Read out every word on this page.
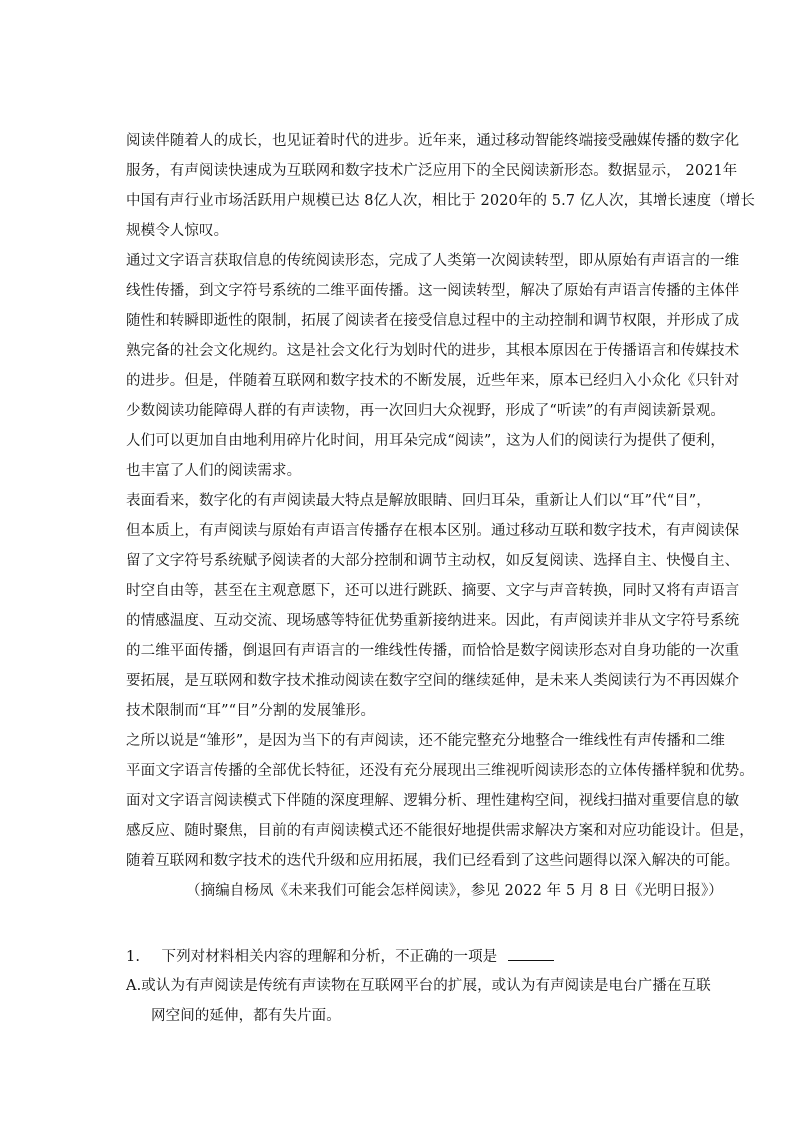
阅读伴随着人的成长，也见证着时代的进步。近年来，通过移动智能终端接受融媒传播的数字化
服务，有声阅读快速成为互联网和数字技术广泛应用下的全民阅读新形态。数据显示， 2021年
中国有声行业市场活跃用户规模已达 8亿人次，相比于 2020年的 5.7 亿人次，其增长速度（增长
规模令人惊叹。
通过文字语言获取信息的传统阅读形态，完成了人类第一次阅读转型，即从原始有声语言的一维
线性传播，到文字符号系统的二维平面传播。这一阅读转型，解决了原始有声语言传播的主体伴
随性和转瞬即逝性的限制，拓展了阅读者在接受信息过程中的主动控制和调节权限，并形成了成
熟完备的社会文化规约。这是社会文化行为划时代的进步，其根本原因在于传播语言和传媒技术
的进步。但是，伴随着互联网和数字技术的不断发展，近些年来，原本已经归入小众化《只针对
少数阅读功能障碍人群的有声读物，再一次回归大众视野，形成了“听读”的有声阅读新景观。
人们可以更加自由地利用碎片化时间，用耳朵完成“阅读”，这为人们的阅读行为提供了便利，
也丰富了人们的阅读需求。
表面看来，数字化的有声阅读最大特点是解放眼睛、回归耳朵，重新让人们以“耳”代“目”，
但本质上，有声阅读与原始有声语言传播存在根本区别。通过移动互联和数字技术，有声阅读保
留了文字符号系统赋予阅读者的大部分控制和调节主动权，如反复阅读、选择自主、快慢自主、
时空自由等，甚至在主观意愿下，还可以进行跳跃、摘要、文字与声音转换，同时又将有声语言
的情感温度、互动交流、现场感等特征优势重新接纳进来。因此，有声阅读并非从文字符号系统
的二维平面传播，倒退回有声语言的一维线性传播，而恰恰是数字阅读形态对自身功能的一次重
要拓展，是互联网和数字技术推动阅读在数字空间的继续延伸，是未来人类阅读行为不再因媒介
技术限制而“耳”“目”分割的发展雏形。
之所以说是“雏形”，是因为当下的有声阅读，还不能完整充分地整合一维线性有声传播和二维
平面文字语言传播的全部优长特征，还没有充分展现出三维视听阅读形态的立体传播样貌和优势。
面对文字语言阅读模式下伴随的深度理解、逻辑分析、理性建构空间，视线扫描对重要信息的敏
感反应、随时聚焦，目前的有声阅读模式还不能很好地提供需求解决方案和对应功能设计。但是，
随着互联网和数字技术的迭代升级和应用拓展，我们已经看到了这些问题得以深入解决的可能。
（摘编自杨凤《未来我们可能会怎样阅读》，参见 2022 年 5 月 8 日《光明日报》）
1. 下列对材料相关内容的理解和分析，不正确的一项是
A.或认为有声阅读是传统有声读物在互联网平台的扩展，或认为有声阅读是电台广播在互联
网空间的延伸，都有失片面。
